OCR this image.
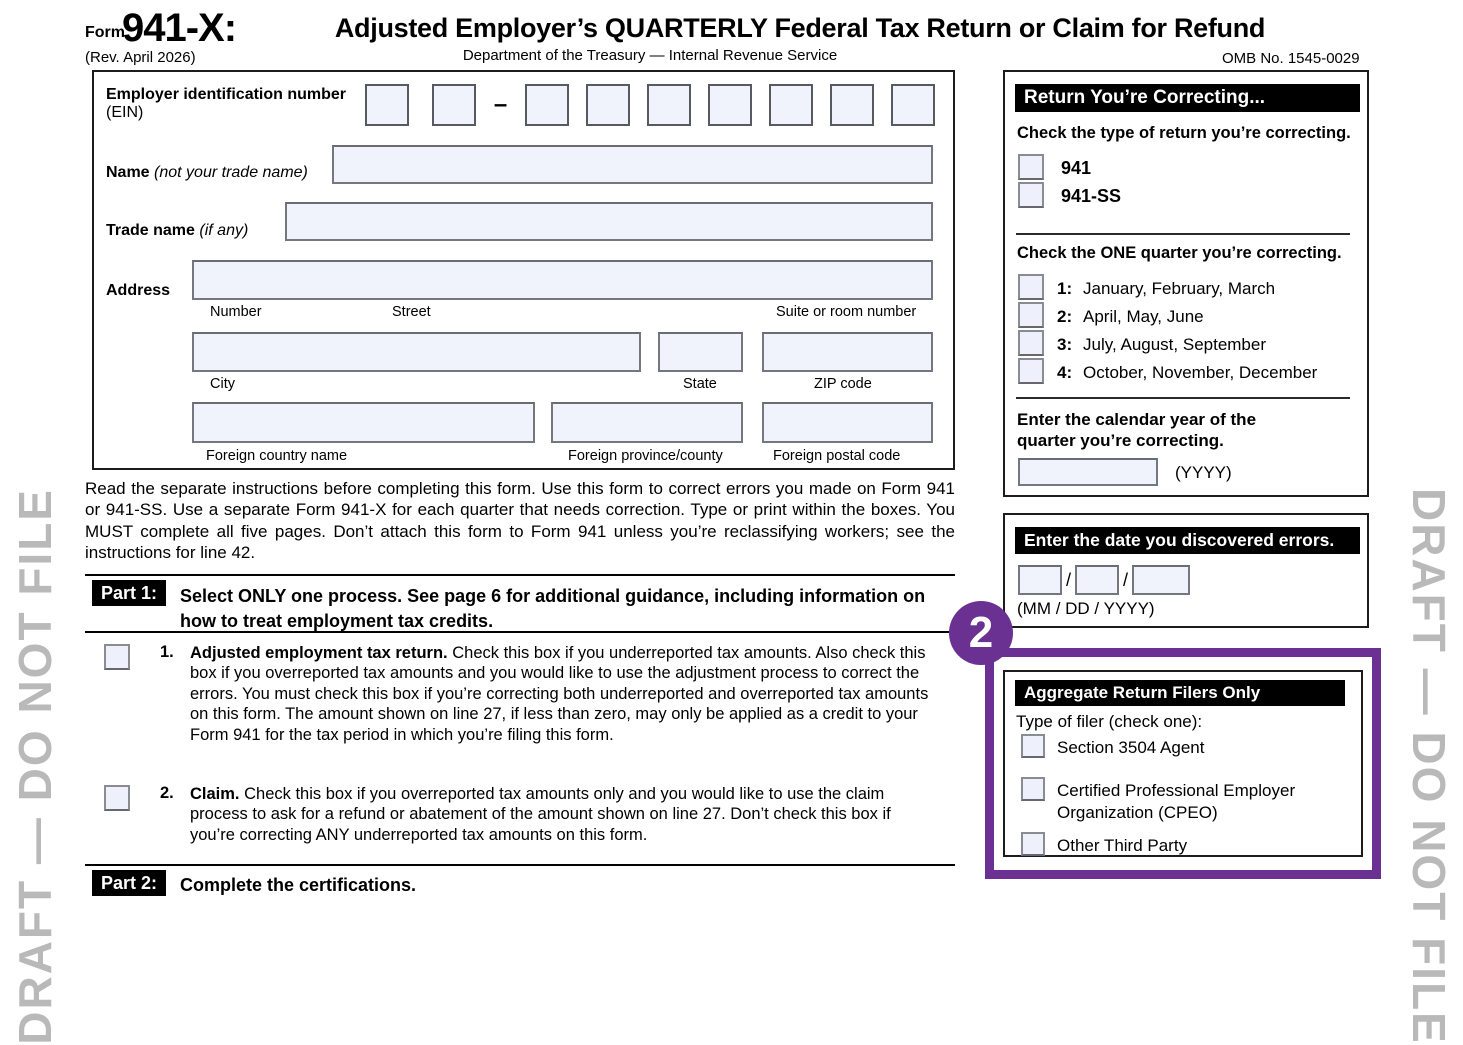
DRAFT — DO NOT FILE	DRAFT — DO NOT FILE
Form
941-X:
(Rev. April 2026)
Adjusted Employer’s QUARTERLY Federal Tax Return or Claim for Refund
Department of the Treasury — Internal Revenue Service	OMB No. 1545-0029
Employer identification number
(EIN)	–
Name (not your trade name)
Trade name (if any)
Address
Number	Street	Suite or room number
City	State	ZIP code
Foreign country name	Foreign province/county	Foreign postal code
Return You’re Correcting...
Check the type of return you’re correcting.
941
941-SS
Check the ONE quarter you’re correcting.
1: January, February, March
2: April, May, June
3: July, August, September
4: October, November, December
Enter the calendar year of the quarter you’re correcting.
(YYYY)
Enter the date you discovered errors.
/	/
(MM / DD / YYYY)
Aggregate Return Filers Only
Type of filer (check one):
Section 3504 Agent
Certified Professional Employer Organization (CPEO)
Other Third Party
2
Read the separate instructions before completing this form. Use this form to correct errors you made on Form 941 or 941-SS. Use a separate Form 941-X for each quarter that needs correction. Type or print within the boxes. You MUST complete all five pages. Don’t attach this form to Form 941 unless you’re reclassifying workers; see the instructions for line 42.
Part 1: Select ONLY one process. See page 6 for additional guidance, including information on how to treat employment tax credits.
1. Adjusted employment tax return. Check this box if you underreported tax amounts. Also check this box if you overreported tax amounts and you would like to use the adjustment process to correct the errors. You must check this box if you’re correcting both underreported and overreported tax amounts on this form. The amount shown on line 27, if less than zero, may only be applied as a credit to your Form 941 for the tax period in which you’re filing this form.
2. Claim. Check this box if you overreported tax amounts only and you would like to use the claim process to ask for a refund or abatement of the amount shown on line 27. Don’t check this box if you’re correcting ANY underreported tax amounts on this form.
Part 2: Complete the certifications.
